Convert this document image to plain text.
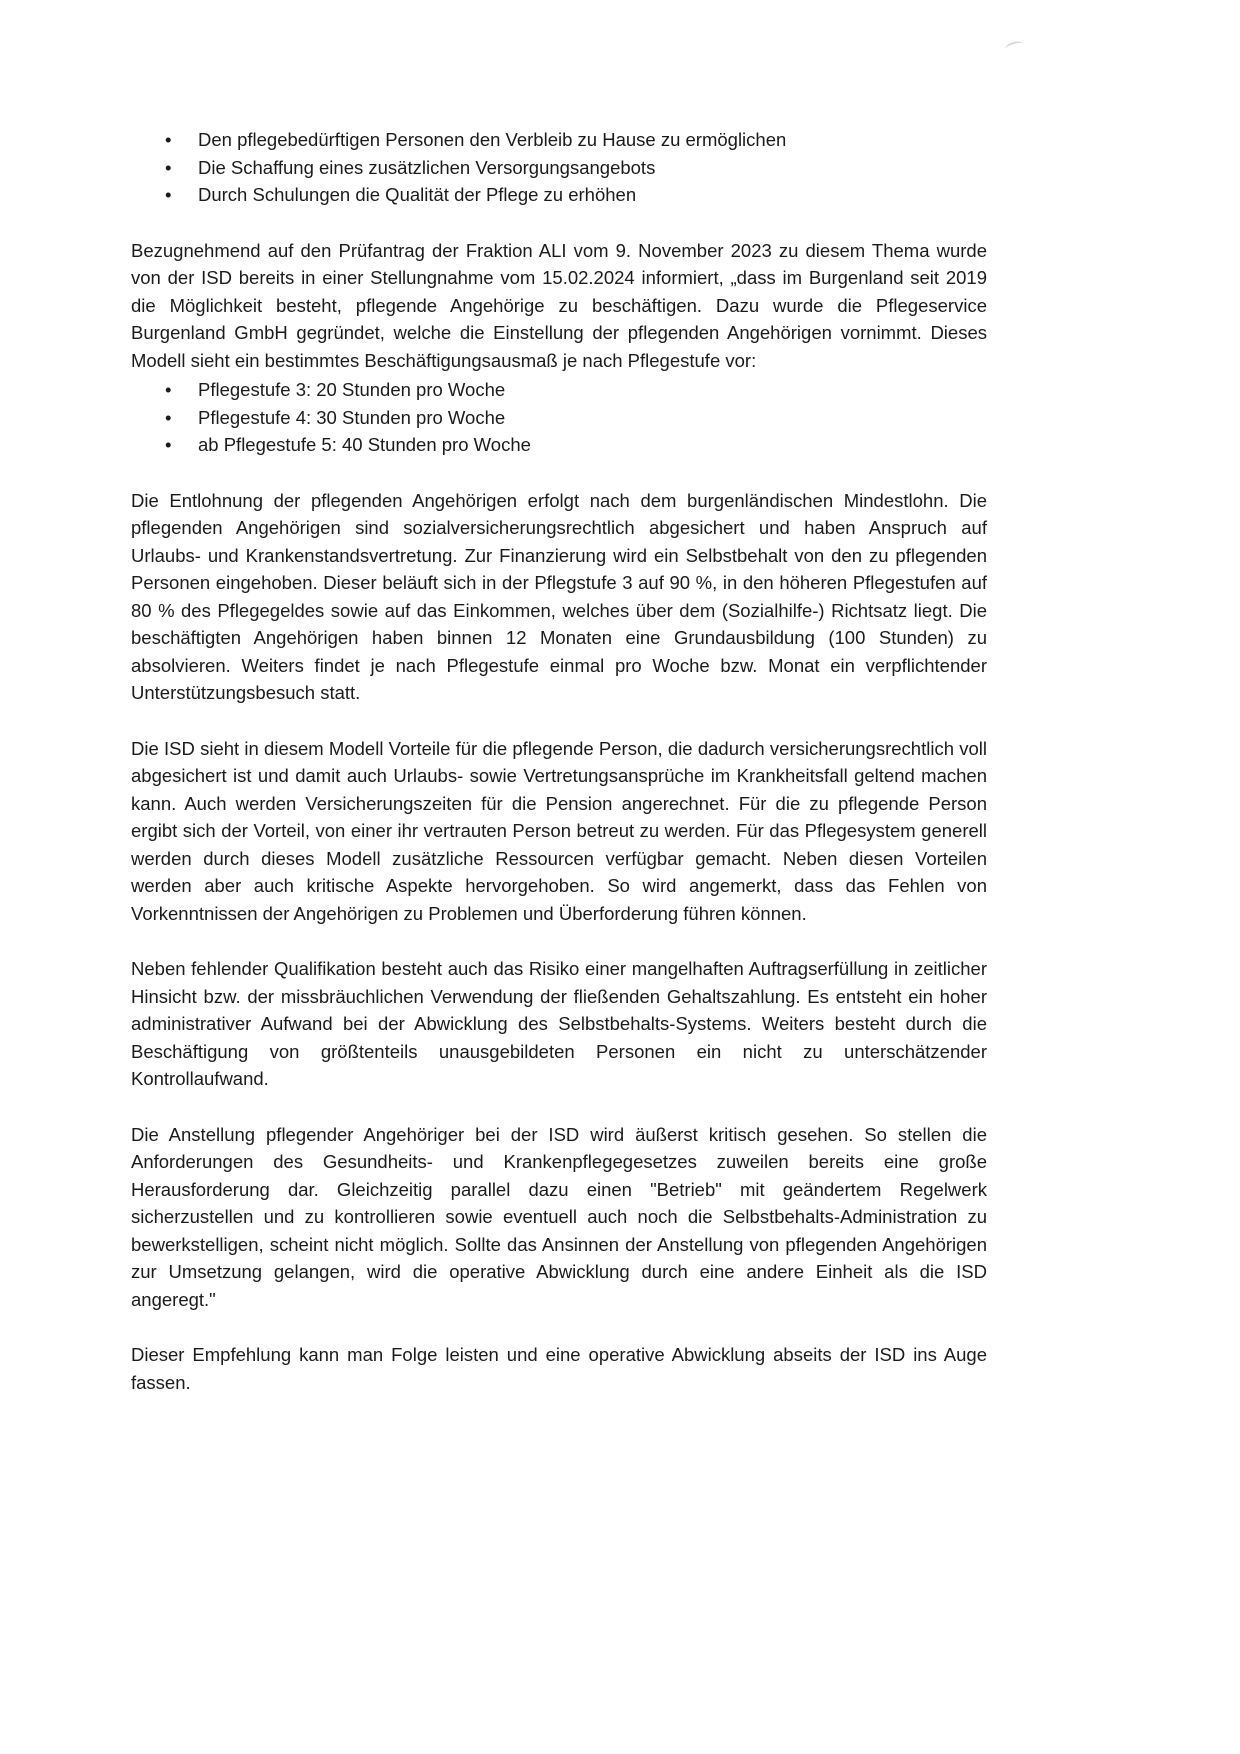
• Den pflegebedürftigen Personen den Verbleib zu Hause zu ermöglichen
• Die Schaffung eines zusätzlichen Versorgungsangebots
• Durch Schulungen die Qualität der Pflege zu erhöhen

Bezugnehmend auf den Prüfantrag der Fraktion ALI vom 9. November 2023 zu diesem Thema wurde von der ISD bereits in einer Stellungnahme vom 15.02.2024 informiert, „dass im Burgenland seit 2019 die Möglichkeit besteht, pflegende Angehörige zu beschäftigen. Dazu wurde die Pflegeservice Burgenland GmbH gegründet, welche die Einstellung der pflegenden Angehörigen vornimmt. Dieses Modell sieht ein bestimmtes Beschäftigungsausmaß je nach Pflegestufe vor:

• Pflegestufe 3: 20 Stunden pro Woche
• Pflegestufe 4: 30 Stunden pro Woche
• ab Pflegestufe 5: 40 Stunden pro Woche

Die Entlohnung der pflegenden Angehörigen erfolgt nach dem burgenländischen Mindestlohn. Die pflegenden Angehörigen sind sozialversicherungsrechtlich abgesichert und haben Anspruch auf Urlaubs- und Krankenstandsvertretung. Zur Finanzierung wird ein Selbstbehalt von den zu pflegenden Personen eingehoben. Dieser beläuft sich in der Pflegstufe 3 auf 90 %, in den höheren Pflegestufen auf 80 % des Pflegegeldes sowie auf das Einkommen, welches über dem (Sozialhilfe-) Richtsatz liegt. Die beschäftigten Angehörigen haben binnen 12 Monaten eine Grundausbildung (100 Stunden) zu absolvieren. Weiters findet je nach Pflegestufe einmal pro Woche bzw. Monat ein verpflichtender Unterstützungsbesuch statt.

Die ISD sieht in diesem Modell Vorteile für die pflegende Person, die dadurch versicherungsrechtlich voll abgesichert ist und damit auch Urlaubs- sowie Vertretungsansprüche im Krankheitsfall geltend machen kann. Auch werden Versicherungszeiten für die Pension angerechnet. Für die zu pflegende Person ergibt sich der Vorteil, von einer ihr vertrauten Person betreut zu werden. Für das Pflegesystem generell werden durch dieses Modell zusätzliche Ressourcen verfügbar gemacht. Neben diesen Vorteilen werden aber auch kritische Aspekte hervorgehoben. So wird angemerkt, dass das Fehlen von Vorkenntnissen der Angehörigen zu Problemen und Überforderung führen können.

Neben fehlender Qualifikation besteht auch das Risiko einer mangelhaften Auftragserfüllung in zeitlicher Hinsicht bzw. der missbräuchlichen Verwendung der fließenden Gehaltszahlung. Es entsteht ein hoher administrativer Aufwand bei der Abwicklung des Selbstbehalts-Systems. Weiters besteht durch die Beschäftigung von größtenteils unausgebildeten Personen ein nicht zu unterschätzender Kontrollaufwand.

Die Anstellung pflegender Angehöriger bei der ISD wird äußerst kritisch gesehen. So stellen die Anforderungen des Gesundheits- und Krankenpflegegesetzes zuweilen bereits eine große Herausforderung dar. Gleichzeitig parallel dazu einen "Betrieb" mit geändertem Regelwerk sicherzustellen und zu kontrollieren sowie eventuell auch noch die Selbstbehalts-Administration zu bewerkstelligen, scheint nicht möglich. Sollte das Ansinnen der Anstellung von pflegenden Angehörigen zur Umsetzung gelangen, wird die operative Abwicklung durch eine andere Einheit als die ISD angeregt."

Dieser Empfehlung kann man Folge leisten und eine operative Abwicklung abseits der ISD ins Auge fassen.
